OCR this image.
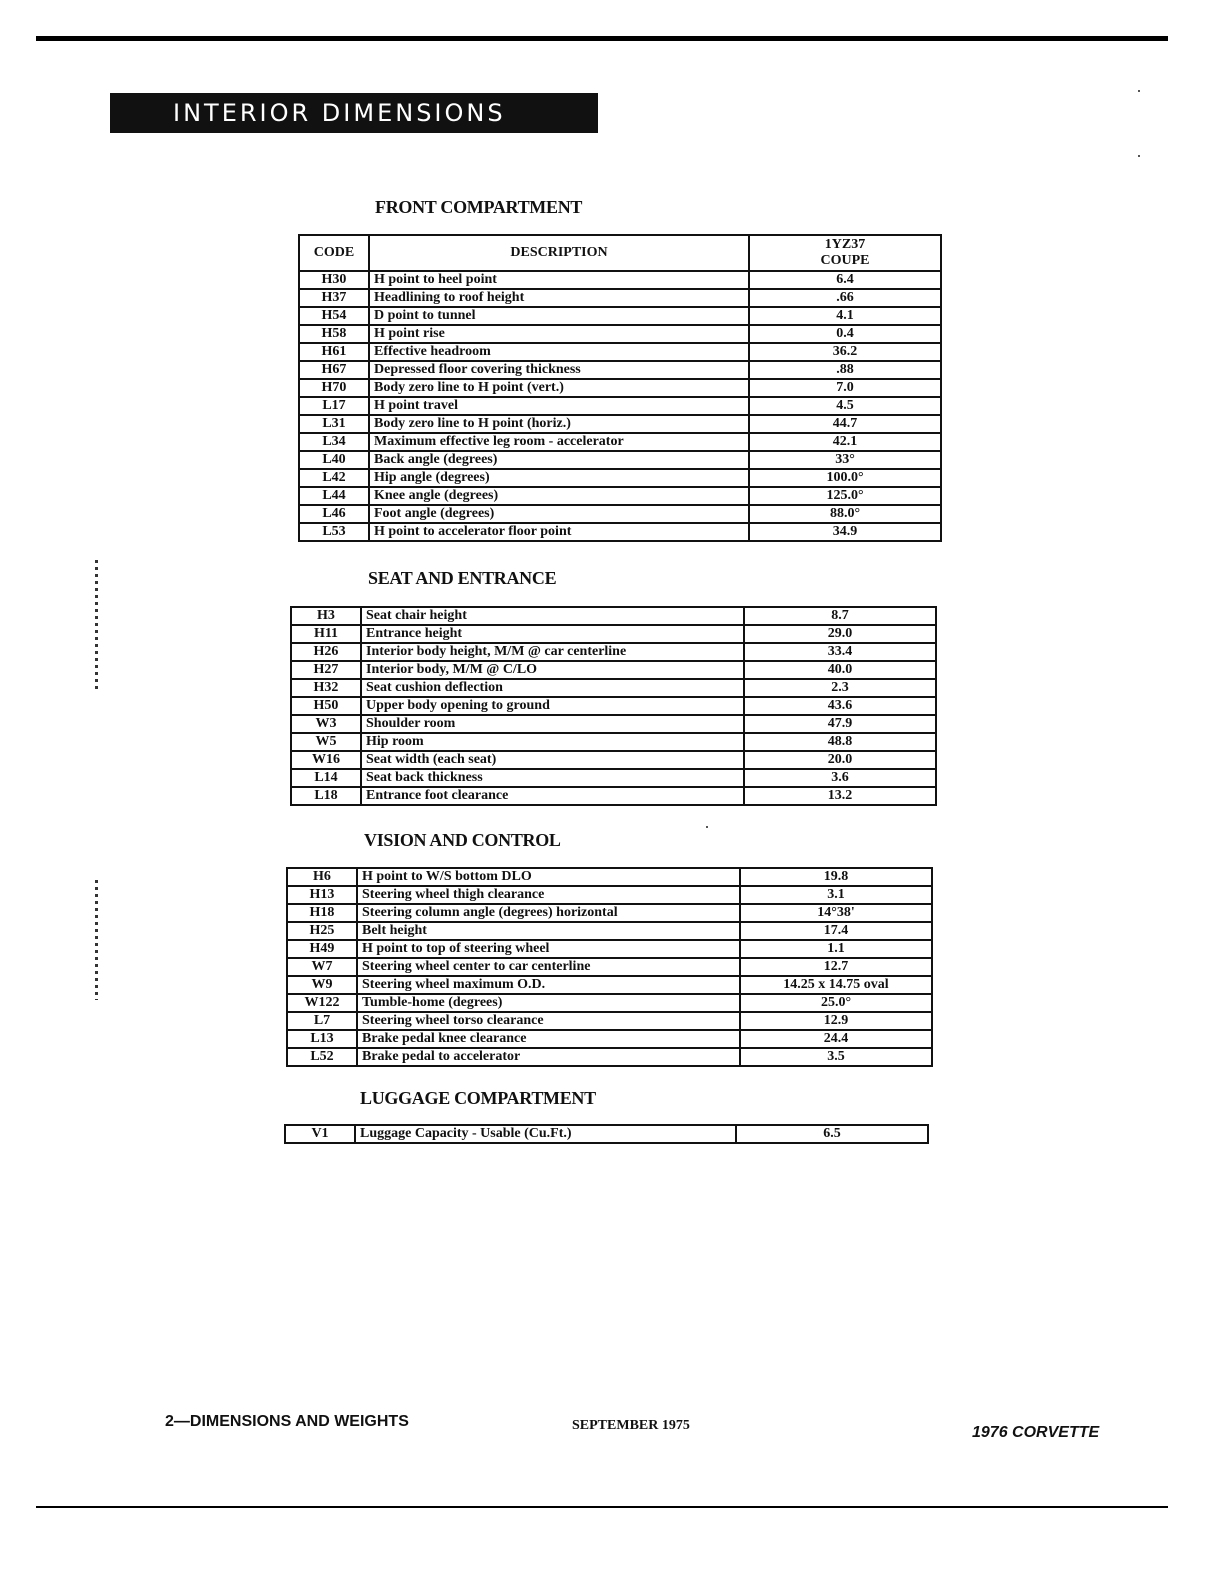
INTERIOR DIMENSIONS
FRONT COMPARTMENT
CODE	DESCRIPTION	1YZ37
COUPE

H30	H point to heel point	6.4
H37	Headlining to roof height	.66
H54	D point to tunnel	4.1
H58	H point rise	0.4
H61	Effective headroom	36.2
H67	Depressed floor covering thickness	.88
H70	Body zero line to H point (vert.)	7.0
L17	H point travel	4.5
L31	Body zero line to H point (horiz.)	44.7
L34	Maximum effective leg room - accelerator	42.1
L40	Back angle (degrees)	33°
L42	Hip angle (degrees)	100.0°
L44	Knee angle (degrees)	125.0°
L46	Foot angle (degrees)	88.0°
L53	H point to accelerator floor point	34.9
SEAT AND ENTRANCE
H3	Seat chair height	8.7
H11	Entrance height	29.0
H26	Interior body height, M/M @ car centerline	33.4
H27	Interior body, M/M @ C/LO	40.0
H32	Seat cushion deflection	2.3
H50	Upper body opening to ground	43.6
W3	Shoulder room	47.9
W5	Hip room	48.8
W16	Seat width (each seat)	20.0
L14	Seat back thickness	3.6
L18	Entrance foot clearance	13.2
VISION AND CONTROL
H6	H point to W/S bottom DLO	19.8
H13	Steering wheel thigh clearance	3.1
H18	Steering column angle (degrees) horizontal	14°38'
H25	Belt height	17.4
H49	H point to top of steering wheel	1.1
W7	Steering wheel center to car centerline	12.7
W9	Steering wheel maximum O.D.	14.25 x 14.75 oval
W122	Tumble-home (degrees)	25.0°
L7	Steering wheel torso clearance	12.9
L13	Brake pedal knee clearance	24.4
L52	Brake pedal to accelerator	3.5
LUGGAGE COMPARTMENT
V1	Luggage Capacity - Usable (Cu.Ft.)	6.5
2—DIMENSIONS AND WEIGHTS	SEPTEMBER 1975	1976 CORVETTE
